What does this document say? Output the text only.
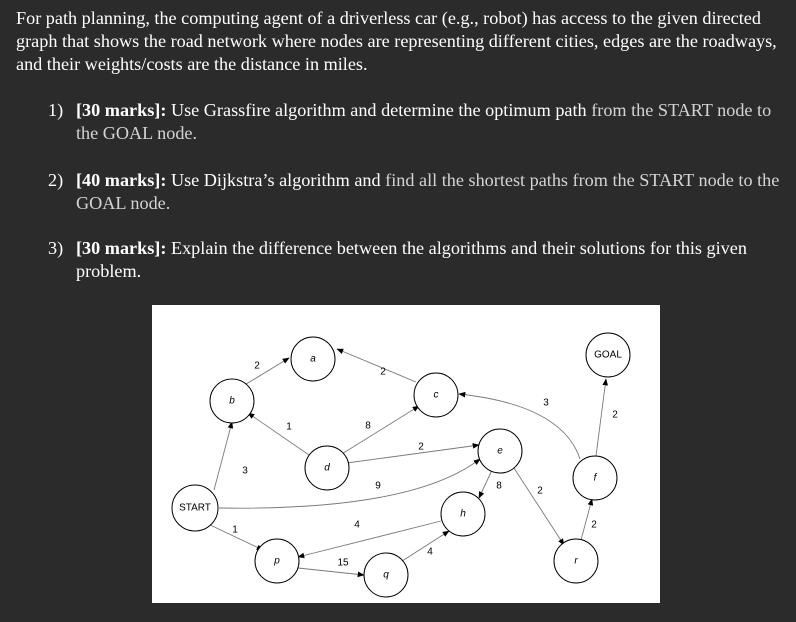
For path planning, the computing agent of a driverless car (e.g., robot) has access to the given directed graph that shows the road network where nodes are representing different cities, edges are the roadways, and their weights/costs are the distance in miles.

1) [30 marks]: Use Grassfire algorithm and determine the optimum path from the START node to the GOAL node.
2) [40 marks]: Use Dijkstra’s algorithm and find all the shortest paths from the START node to the GOAL node.
3) [30 marks]: Explain the difference between the algorithms and their solutions for this given problem.
2
2
1	8
3
2
9
1	4
15
4
8	2
3
2
2
START
b
a
c
d
e
h
p
q
r
f
GOAL
